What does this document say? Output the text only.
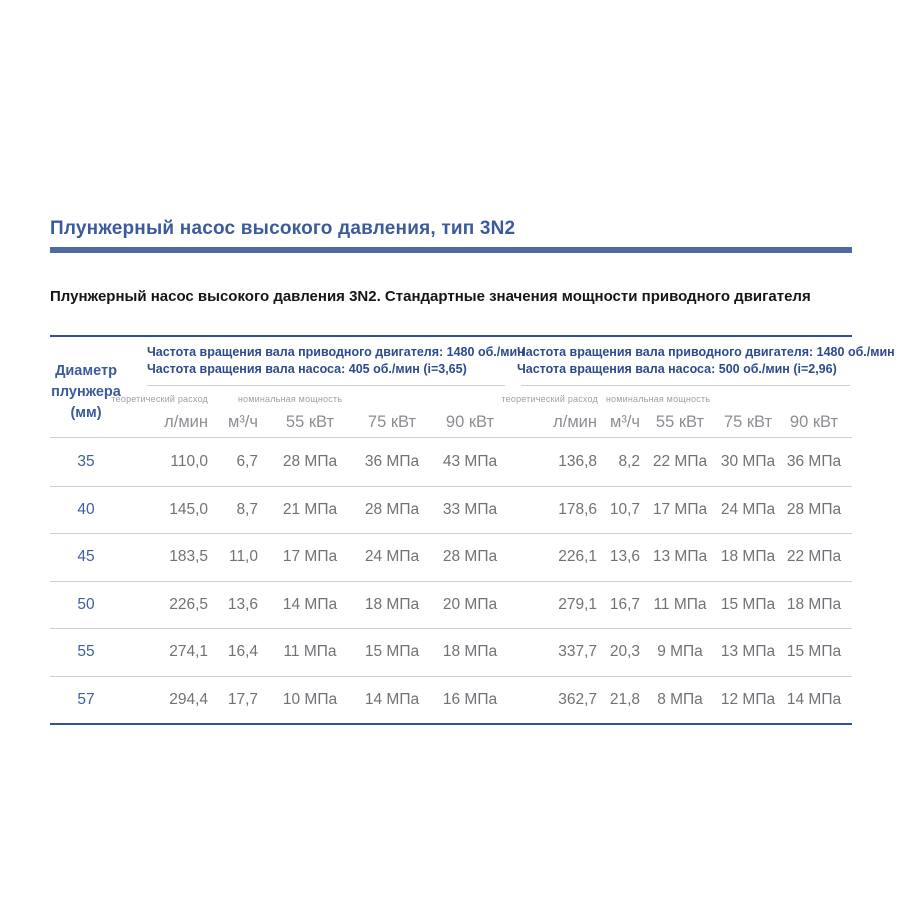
Плунжерный насос высокого давления, тип 3N2
Плунжерный насос высокого давления 3N2. Стандартные значения мощности приводного двигателя
Диаметр
плунжера
(мм)
Частота вращения вала приводного двигателя: 1480 об./мин
Частота вращения вала насоса: 405 об./мин (i=3,65)
Частота вращения вала приводного двигателя: 1480 об./мин
Частота вращения вала насоса: 500 об./мин (i=2,96)
теоретический расход	номинальная мощность	теоретический расход номинальная мощность
л/мин	м³/ч	55 кВт	75 кВт	90 кВт	л/мин м³/ч 55 кВт	75 кВт	90 кВт
35	110,0	6,7	28 МПа	36 МПа	43 МПа	136,8	8,2 22 МПа 30 МПа 36 МПа
40	145,0	8,7	21 МПа	28 МПа	33 МПа	178,6 10,7 17 МПа 24 МПа 28 МПа
45	183,5	11,0	17 МПа	24 МПа	28 МПа	226,1 13,6 13 МПа 18 МПа 22 МПа
50	226,5	13,6	14 МПа	18 МПа	20 МПа	279,1 16,7 11 МПа 15 МПа 18 МПа
55	274,1	16,4	11 МПа	15 МПа	18 МПа	337,7 20,3	9 МПа	13 МПа 15 МПа
57	294,4	17,7	10 МПа	14 МПа	16 МПа	362,7 21,8	8 МПа	12 МПа 14 МПа
